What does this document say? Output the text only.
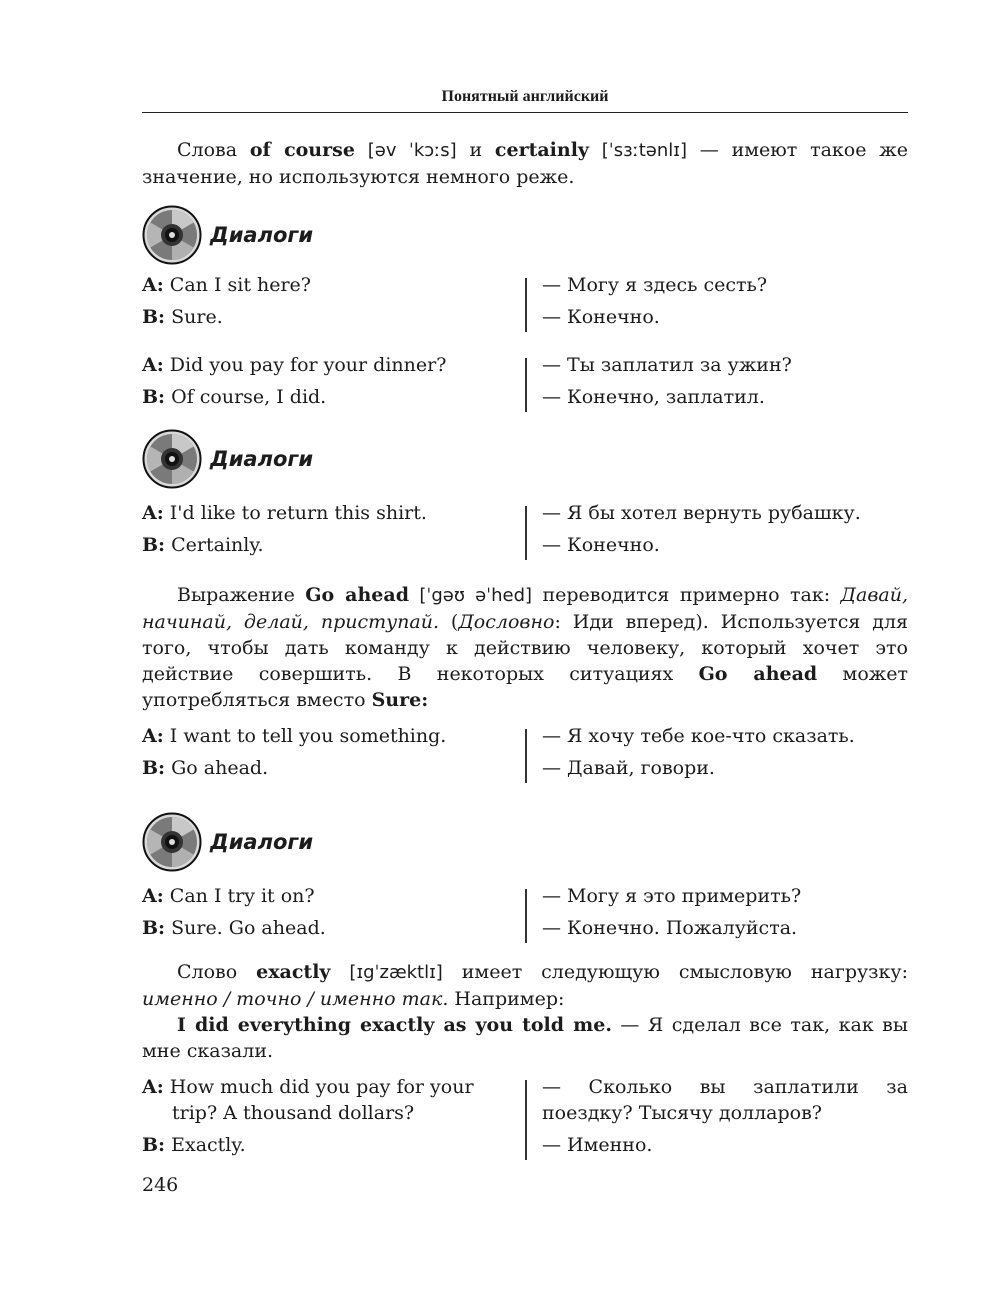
Понятный английский

Слова of course [əv ˈkɔːs] и certainly [ˈsɜːtənlɪ] — имеют такое же значение, но используются немного реже.

Диалоги
A: Can I sit here?
B: Sure.
— Могу я здесь сесть?
— Конечно.
A: Did you pay for your dinner?
B: Of course, I did.
— Ты заплатил за ужин?
— Конечно, заплатил.
Диалоги
A: I'd like to return this shirt.
B: Certainly.
— Я бы хотел вернуть рубашку.
— Конечно.

Выражение Go ahead [ˈgəʊ əˈhed] переводится примерно так: Давай, начинай, делай, приступай. (Дословно: Иди вперед). Используется для того, чтобы дать команду к действию человеку, который хочет это действие совершить. В некоторых ситуациях Go ahead может употребляться вместо Sure:

A: I want to tell you something.
B: Go ahead.
— Я хочу тебе кое-что сказать.
— Давай, говори.
Диалоги
A: Can I try it on?
B: Sure. Go ahead.
— Могу я это примерить?
— Конечно. Пожалуйста.

Слово exactly [ɪgˈzæktlɪ] имеет следующую смысловую нагрузку: именно / точно / именно так. Например:

I did everything exactly as you told me. — Я сделал все так, как вы мне сказали.

A: How much did you pay for your trip? A thousand dollars?
B: Exactly.
— Сколько вы заплатили за поездку? Тысячу долларов?
— Именно.
246
